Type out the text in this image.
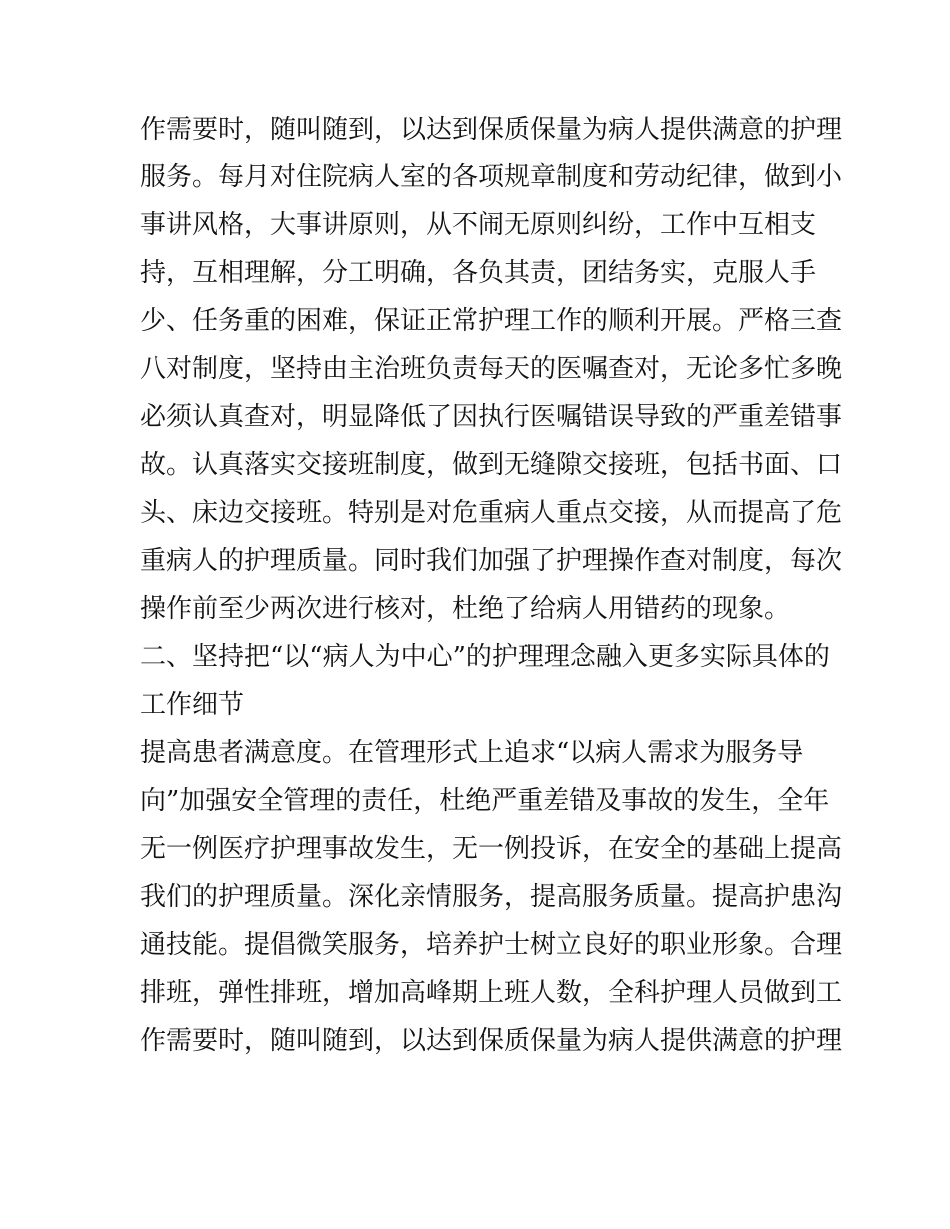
作需要时，随叫随到，以达到保质保量为病人提供满意的护理
服务。每月对住院病人室的各项规章制度和劳动纪律，做到小
事讲风格，大事讲原则，从不闹无原则纠纷，工作中互相支
持，互相理解，分工明确，各负其责，团结务实，克服人手
少、任务重的困难，保证正常护理工作的顺利开展。严格三查
八对制度，坚持由主治班负责每天的医嘱查对，无论多忙多晚
必须认真查对，明显降低了因执行医嘱错误导致的严重差错事
故。认真落实交接班制度，做到无缝隙交接班，包括书面、口
头、床边交接班。特别是对危重病人重点交接，从而提高了危
重病人的护理质量。同时我们加强了护理操作查对制度，每次
操作前至少两次进行核对，杜绝了给病人用错药的现象。
二、坚持把“以“病人为中心”的护理理念融入更多实际具体的
工作细节
提高患者满意度。在管理形式上追求“以病人需求为服务导
向”加强安全管理的责任，杜绝严重差错及事故的发生，全年
无一例医疗护理事故发生，无一例投诉，在安全的基础上提高
我们的护理质量。深化亲情服务，提高服务质量。提高护患沟
通技能。提倡微笑服务，培养护士树立良好的职业形象。合理
排班，弹性排班，增加高峰期上班人数，全科护理人员做到工
作需要时，随叫随到，以达到保质保量为病人提供满意的护理
